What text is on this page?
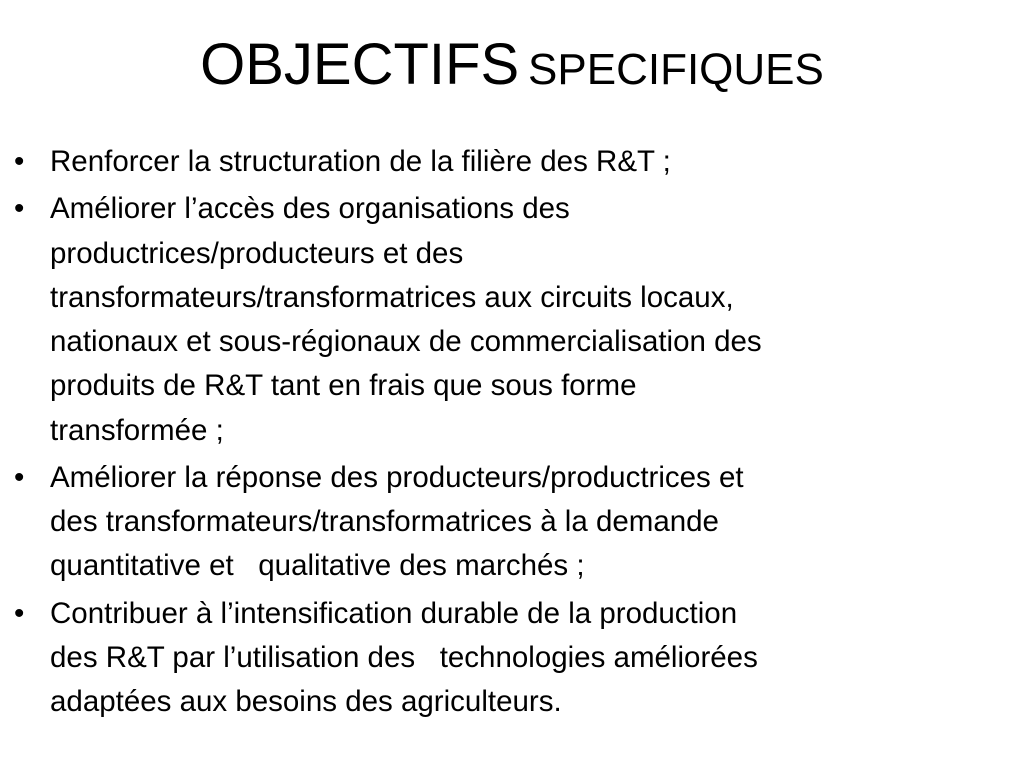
OBJECTIFS SPECIFIQUES
• Renforcer la structuration de la filière des R&T ;
• Améliorer l’accès des organisations des
productrices/producteurs et des
transformateurs/transformatrices aux circuits locaux,
nationaux et sous-régionaux de commercialisation des
produits de R&T tant en frais que sous forme
transformée ;
• Améliorer la réponse des producteurs/productrices et
des transformateurs/transformatrices à la demande
quantitative et   qualitative des marchés ;
• Contribuer à l’intensification durable de la production
des R&T par l’utilisation des   technologies améliorées
adaptées aux besoins des agriculteurs.
